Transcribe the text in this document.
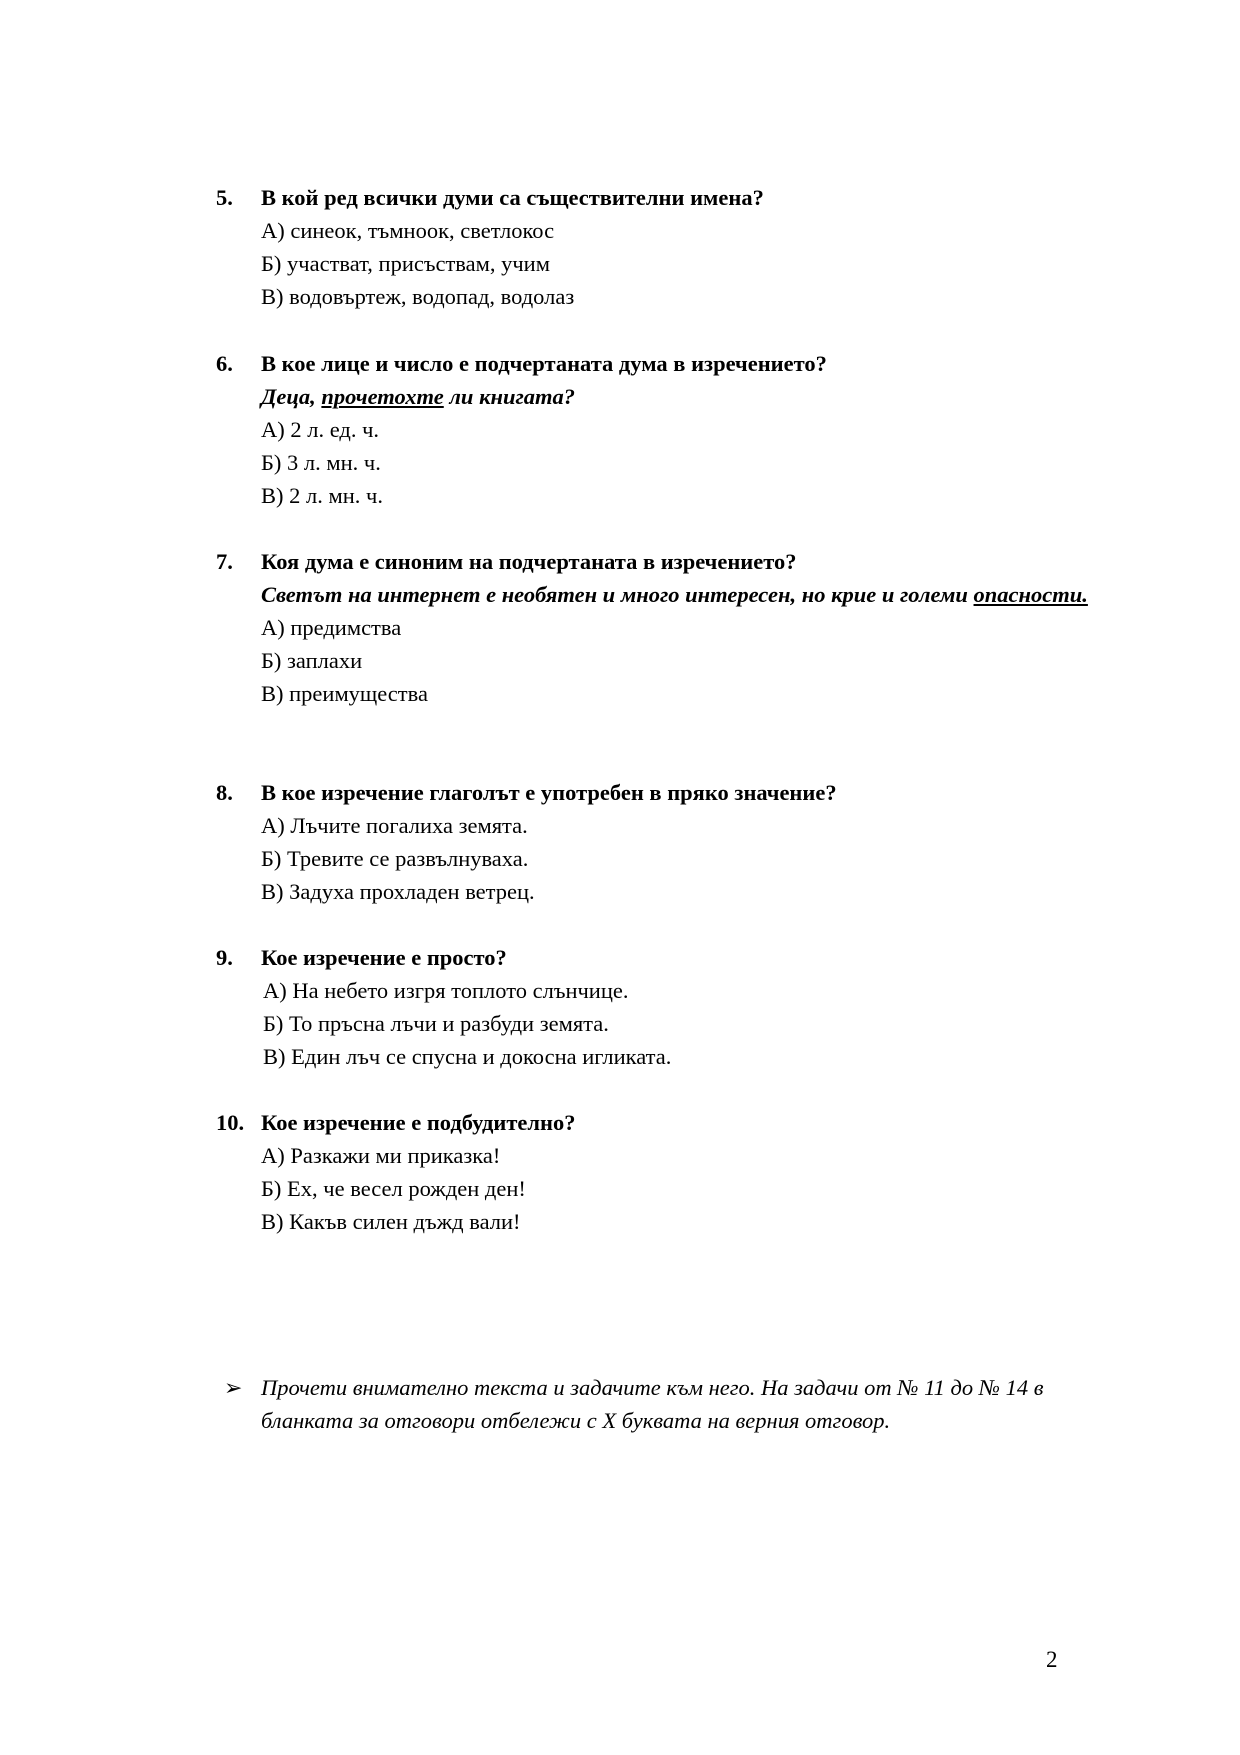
5.	В кой ред всички думи са съществителни имена?
А) синеок, тъмноок, светлокос
Б) участват, присъствам, учим
В) водовъртеж, водопад, водолаз
6.	В кое лице и число е подчертаната дума в изречението?
Деца, прочетохте ли книгата?
А) 2 л. ед. ч.
Б) 3 л. мн. ч.
В) 2 л. мн. ч.
7.	Коя дума е синоним на подчертаната в изречението?
Светът на интернет е необятен и много интересен, но крие и големи опасности.
А) предимства
Б) заплахи
В) преимущества
8.	В кое изречение глаголът е употребен в пряко значение?
А) Лъчите погалиха земята.
Б) Тревите се развълнуваха.
В) Задуха прохладен ветрец.
9.	Кое изречение е просто?
А) На небето изгря топлото слънчице.
Б) То пръсна лъчи и разбуди земята.
В) Един лъч се спусна и докосна игликата.
10. Кое изречение е подбудително?
А) Разкажи ми приказка!
Б) Ех, че весел рожден ден!
В) Какъв силен дъжд вали!
➢ Прочети внимателно текста и задачите към него. На задачи от № 11 до № 14 в бланката за отговори отбележи с Х буквата на верния отговор.
2
